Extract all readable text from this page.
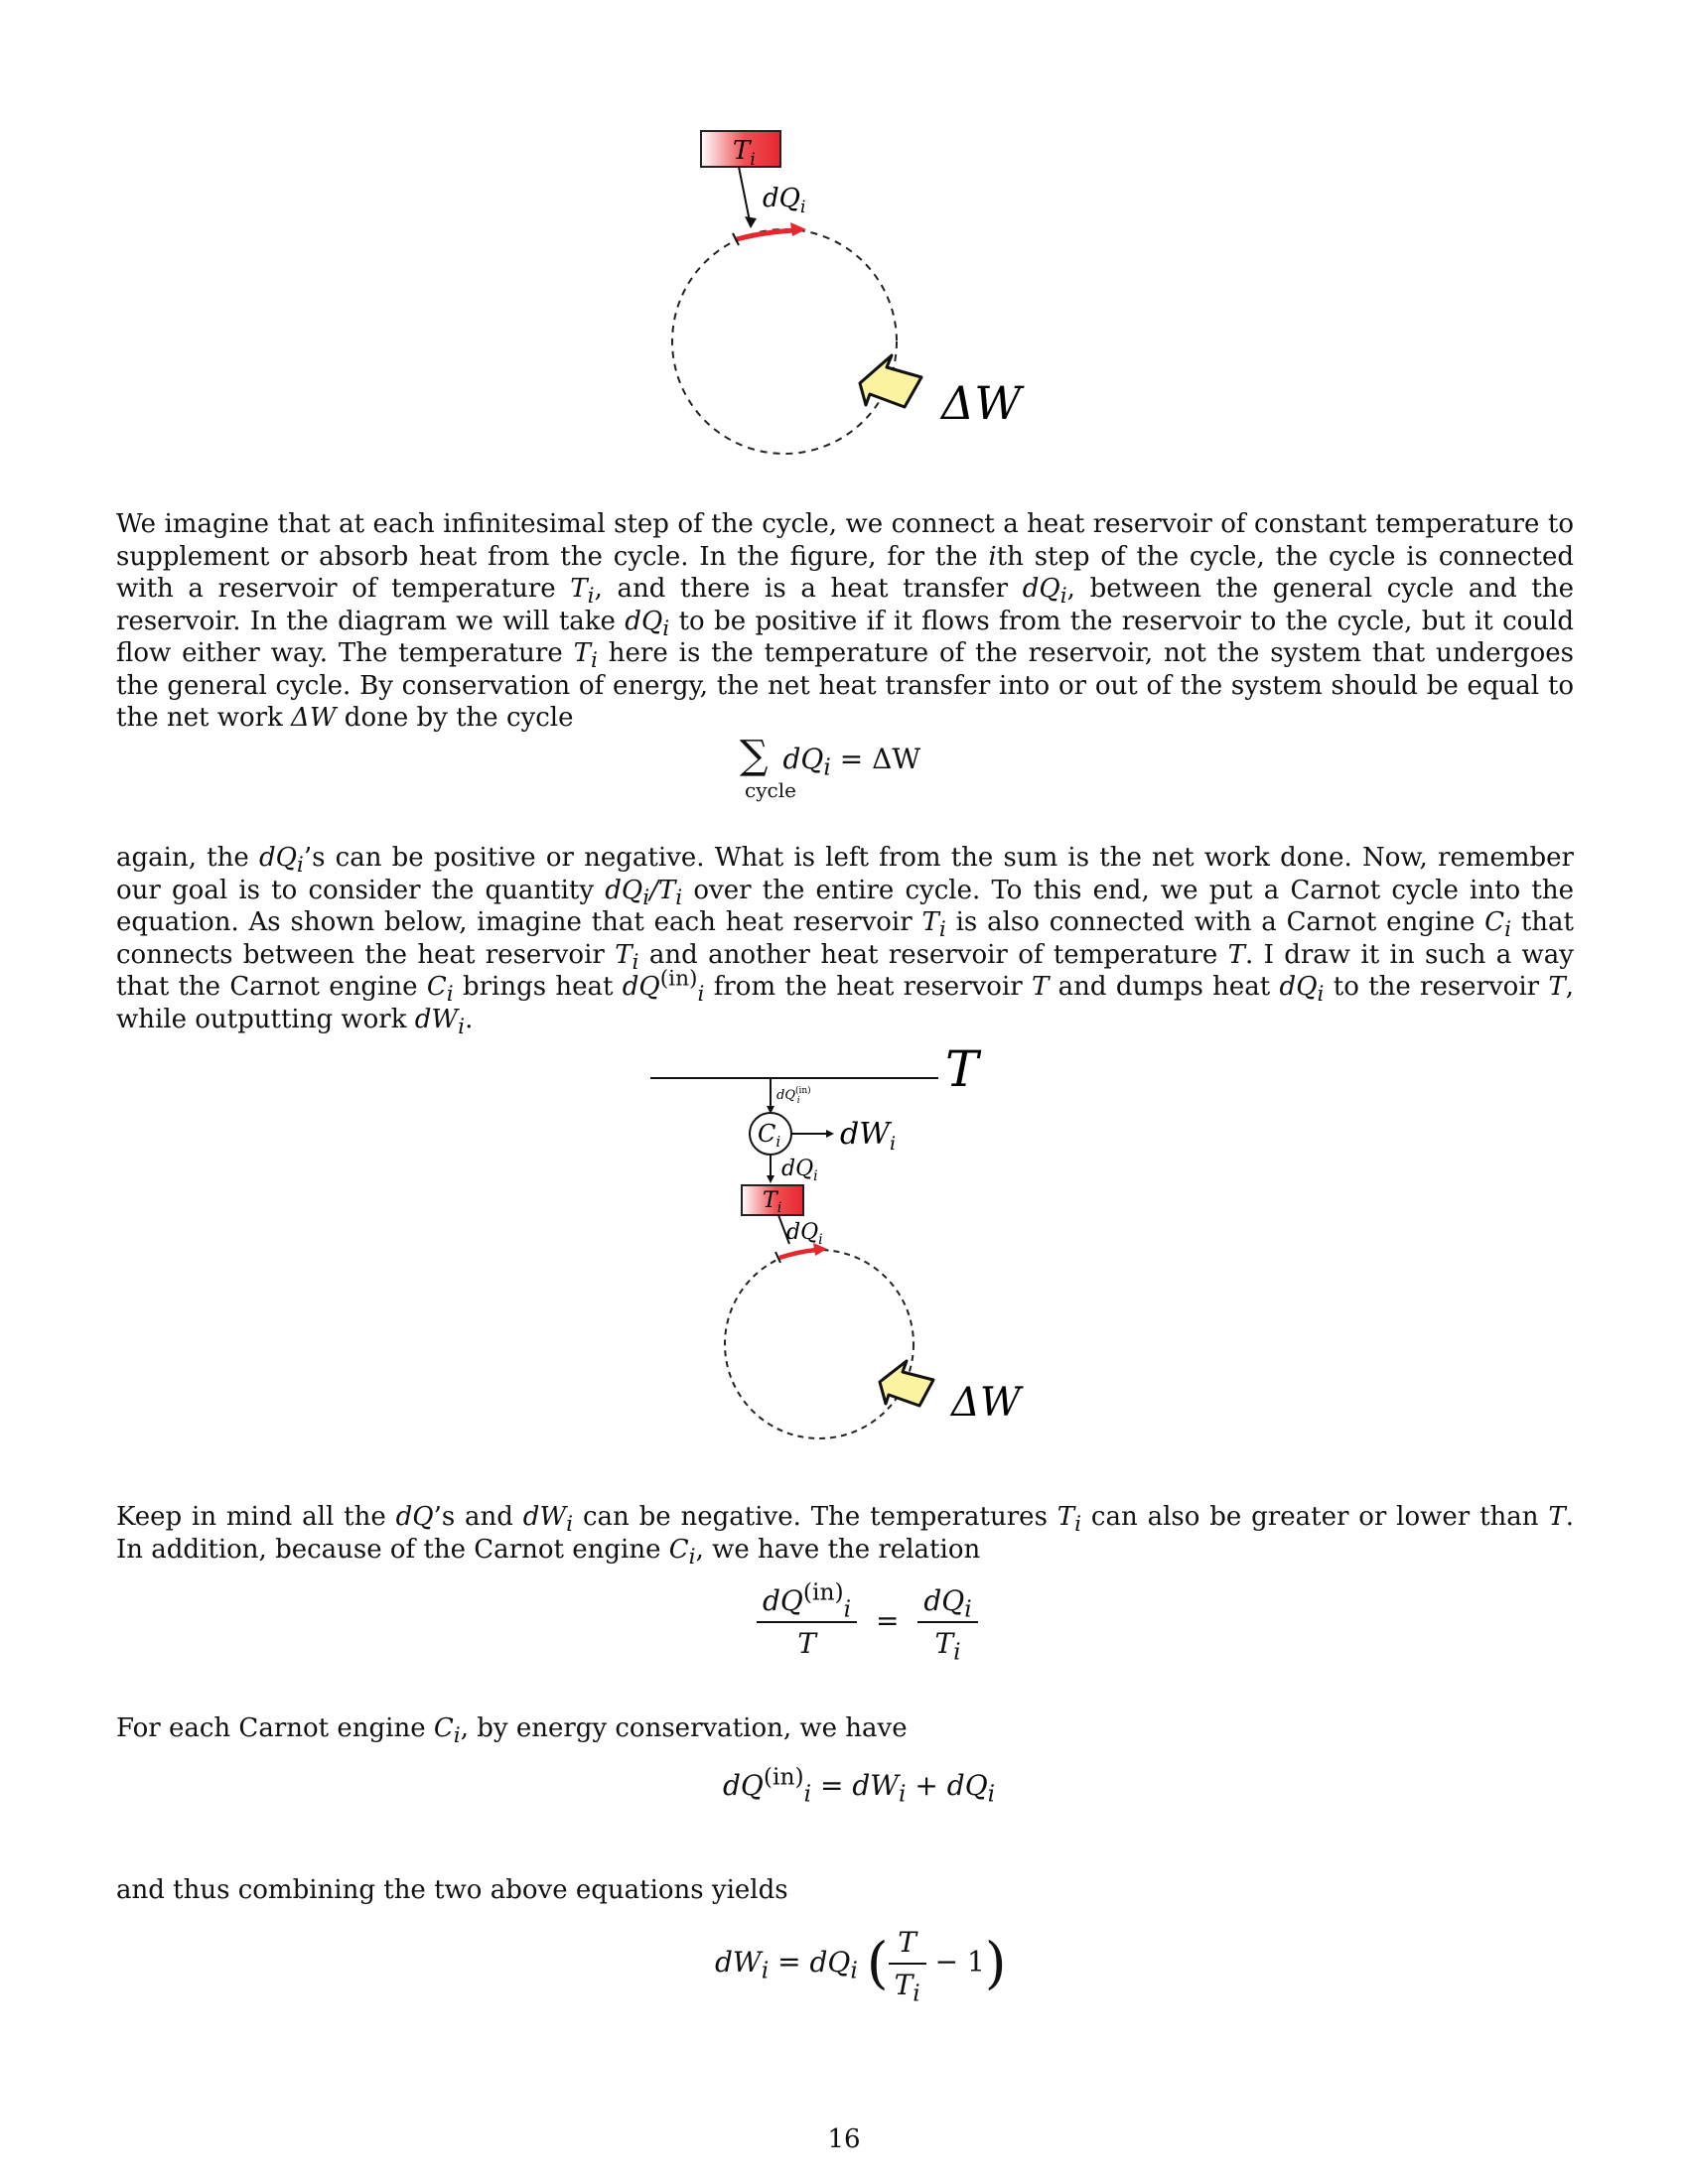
$T_i$
$dQ_i$
ΔW

We imagine that at each infinitesimal step of the cycle, we connect a heat reservoir of constant temperature to supplement or absorb heat from the cycle. In the figure, for the ith step of the cycle, the cycle is connected with a reservoir of temperature $T_i$, and there is a heat transfer $dQ_i$, between the general cycle and the reservoir. In the diagram we will take $dQ_i$ to be positive if it flows from the reservoir to the cycle, but it could flow either way. The temperature $T_i$ here is the temperature of the reservoir, not the system that undergoes the general cycle. By conservation of energy, the net heat transfer into or out of the system should be equal to the net work ΔW done by the cycle

∑ $dQ_i = \Delta W$
cycle

again, the $dQ_i’s$ can be positive or negative. What is left from the sum is the net work done. Now, remember our goal is to consider the quantity $dQ_i/T_i$ over the entire cycle. To this end, we put a Carnot cycle into the equation. As shown below, imagine that each heat reservoir $T_i$ is also connected with a Carnot engine $C_i$ that connects between the heat reservoir $T_i$ and another heat reservoir of temperature T. I draw it in such a way that the Carnot engine $C_i$ brings heat $dQ^{(in)}_i$ from the heat reservoir T and dumps heat $dQ_i$ to the reservoir T, while outputting work $dW_i$.

T
$dQ^{(in)}$ i
$C_i$ $dW_i$
$dQ_i$
$T_i$
$dQ_i$
ΔW

Keep in mind all the dQ’s and $dW_i$ can be negative. The temperatures $T_i$ can also be greater or lower than T. In addition, because of the Carnot engine $C_i$, we have the relation

$\frac{dQ^{(in)}_i}{T} = \frac{dQ_i}{T_i}$

For each Carnot engine $C_i$, by energy conservation, we have

$dQ^{(in)}_i = dW_i + dQ_i$

and thus combining the two above equations yields

$dW_i = dQ_i$ ( $\frac{T}{T_i} - 1$)
16
